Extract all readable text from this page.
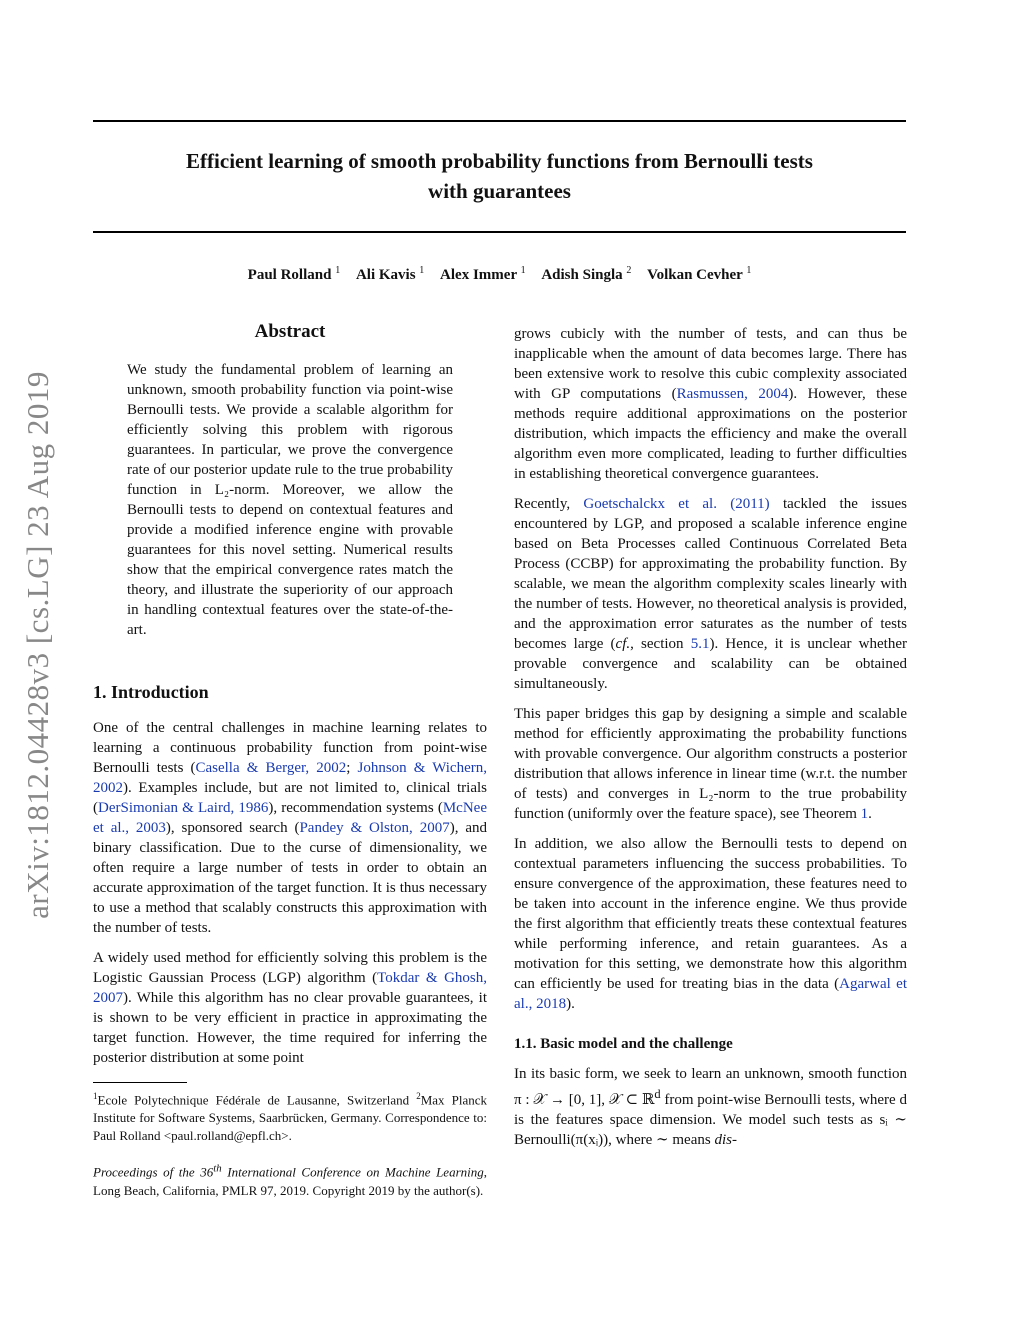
arXiv:1812.04428v3 [cs.LG] 23 Aug 2019
Efficient learning of smooth probability functions from Bernoulli tests
with guarantees
Paul Rolland $^1$ Ali Kavis $^1$ Alex Immer $^1$ Adish Singla $^2$ Volkan Cevher $^1$
Abstract

We study the fundamental problem of learning an unknown, smooth probability function via point-wise Bernoulli tests. We provide a scalable algorithm for efficiently solving this problem with rigorous guarantees. In particular, we prove the convergence rate of our posterior update rule to the true probability function in L₂-norm. Moreover, we allow the Bernoulli tests to depend on contextual features and provide a modified inference engine with provable guarantees for this novel setting. Numerical results show that the empirical convergence rates match the theory, and illustrate the superiority of our approach in handling contextual features over the state-of-the-art.

1. Introduction

One of the central challenges in machine learning relates to learning a continuous probability function from point-wise Bernoulli tests (Casella & Berger, 2002; Johnson & Wichern, 2002). Examples include, but are not limited to, clinical trials (DerSimonian & Laird, 1986), recommendation systems (McNee et al., 2003), sponsored search (Pandey & Olston, 2007), and binary classification. Due to the curse of dimensionality, we often require a large number of tests in order to obtain an accurate approximation of the target function. It is thus necessary to use a method that scalably constructs this approximation with the number of tests.

A widely used method for efficiently solving this problem is the Logistic Gaussian Process (LGP) algorithm (Tokdar & Ghosh, 2007). While this algorithm has no clear provable guarantees, it is shown to be very efficient in practice in approximating the target function. However, the time required for inferring the posterior distribution at some point

$^1$Ecole Polytechnique Fédérale de Lausanne, Switzerland $^2$Max Planck Institute for Software Systems, Saarbrücken, Germany. Correspondence to: Paul Rolland <paul.rolland@epfl.ch>.

Proceedings of the 36th International Conference on Machine Learning, Long Beach, California, PMLR 97, 2019. Copyright 2019 by the author(s).

grows cubicly with the number of tests, and can thus be inapplicable when the amount of data becomes large. There has been extensive work to resolve this cubic complexity associated with GP computations (Rasmussen, 2004). However, these methods require additional approximations on the posterior distribution, which impacts the efficiency and make the overall algorithm even more complicated, leading to further difficulties in establishing theoretical convergence guarantees.

Recently, Goetschalckx et al. (2011) tackled the issues encountered by LGP, and proposed a scalable inference engine based on Beta Processes called Continuous Correlated Beta Process (CCBP) for approximating the probability function. By scalable, we mean the algorithm complexity scales linearly with the number of tests. However, no theoretical analysis is provided, and the approximation error saturates as the number of tests becomes large (cf., section 5.1). Hence, it is unclear whether provable convergence and scalability can be obtained simultaneously.

This paper bridges this gap by designing a simple and scalable method for efficiently approximating the probability functions with provable convergence. Our algorithm constructs a posterior distribution that allows inference in linear time (w.r.t. the number of tests) and converges in L₂-norm to the true probability function (uniformly over the feature space), see Theorem 1.

In addition, we also allow the Bernoulli tests to depend on contextual parameters influencing the success probabilities. To ensure convergence of the approximation, these features need to be taken into account in the inference engine. We thus provide the first algorithm that efficiently treats these contextual features while performing inference, and retain guarantees. As a motivation for this setting, we demonstrate how this algorithm can efficiently be used for treating bias in the data (Agarwal et al., 2018).

1.1. Basic model and the challenge

In its basic form, we seek to learn an unknown, smooth function π : 𝒳 → [0, 1], 𝒳 ⊂ ℝ$^d$ from point-wise Bernoulli tests, where d is the features space dimension. We model such tests as sᵢ ∼ Bernoulli(π(xᵢ)), where ∼ means dis-
